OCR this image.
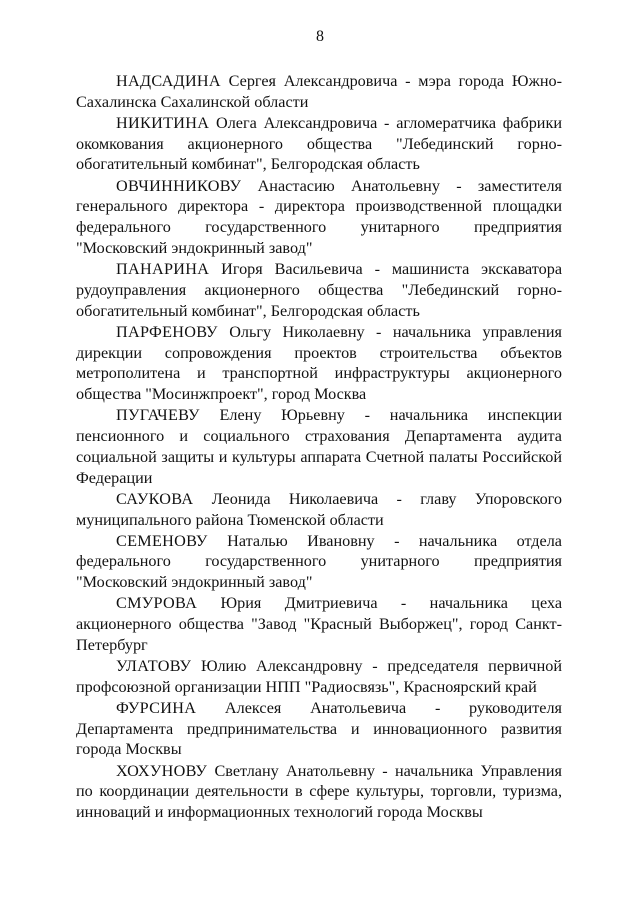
8

НАДСАДИНА Сергея Александровича - мэра города Южно-Сахалинска Сахалинской области

НИКИТИНА Олега Александровича - агломератчика фабрики окомкования акционерного общества "Лебединский горно-обогатительный комбинат", Белгородская область

ОВЧИННИКОВУ Анастасию Анатольевну - заместителя генерального директора - директора производственной площадки федерального государственного унитарного предприятия "Московский эндокринный завод"

ПАНАРИНА Игоря Васильевича - машиниста экскаватора рудоуправления акционерного общества "Лебединский горно-обогатительный комбинат", Белгородская область

ПАРФЕНОВУ Ольгу Николаевну - начальника управления дирекции сопровождения проектов строительства объектов метрополитена и транспортной инфраструктуры акционерного общества "Мосинжпроект", город Москва

ПУГАЧЕВУ Елену Юрьевну - начальника инспекции пенсионного и социального страхования Департамента аудита социальной защиты и культуры аппарата Счетной палаты Российской Федерации

САУКОВА Леонида Николаевича - главу Упоровского муниципального района Тюменской области

СЕМЕНОВУ Наталью Ивановну - начальника отдела федерального государственного унитарного предприятия "Московский эндокринный завод"

СМУРОВА Юрия Дмитриевича - начальника цеха акционерного общества "Завод "Красный Выборжец", город Санкт-Петербург

УЛАТОВУ Юлию Александровну - председателя первичной профсоюзной организации НПП "Радиосвязь", Красноярский край

ФУРСИНА Алексея Анатольевича - руководителя Департамента предпринимательства и инновационного развития города Москвы

ХОХУНОВУ Светлану Анатольевну - начальника Управления по координации деятельности в сфере культуры, торговли, туризма, инноваций и информационных технологий города Москвы
